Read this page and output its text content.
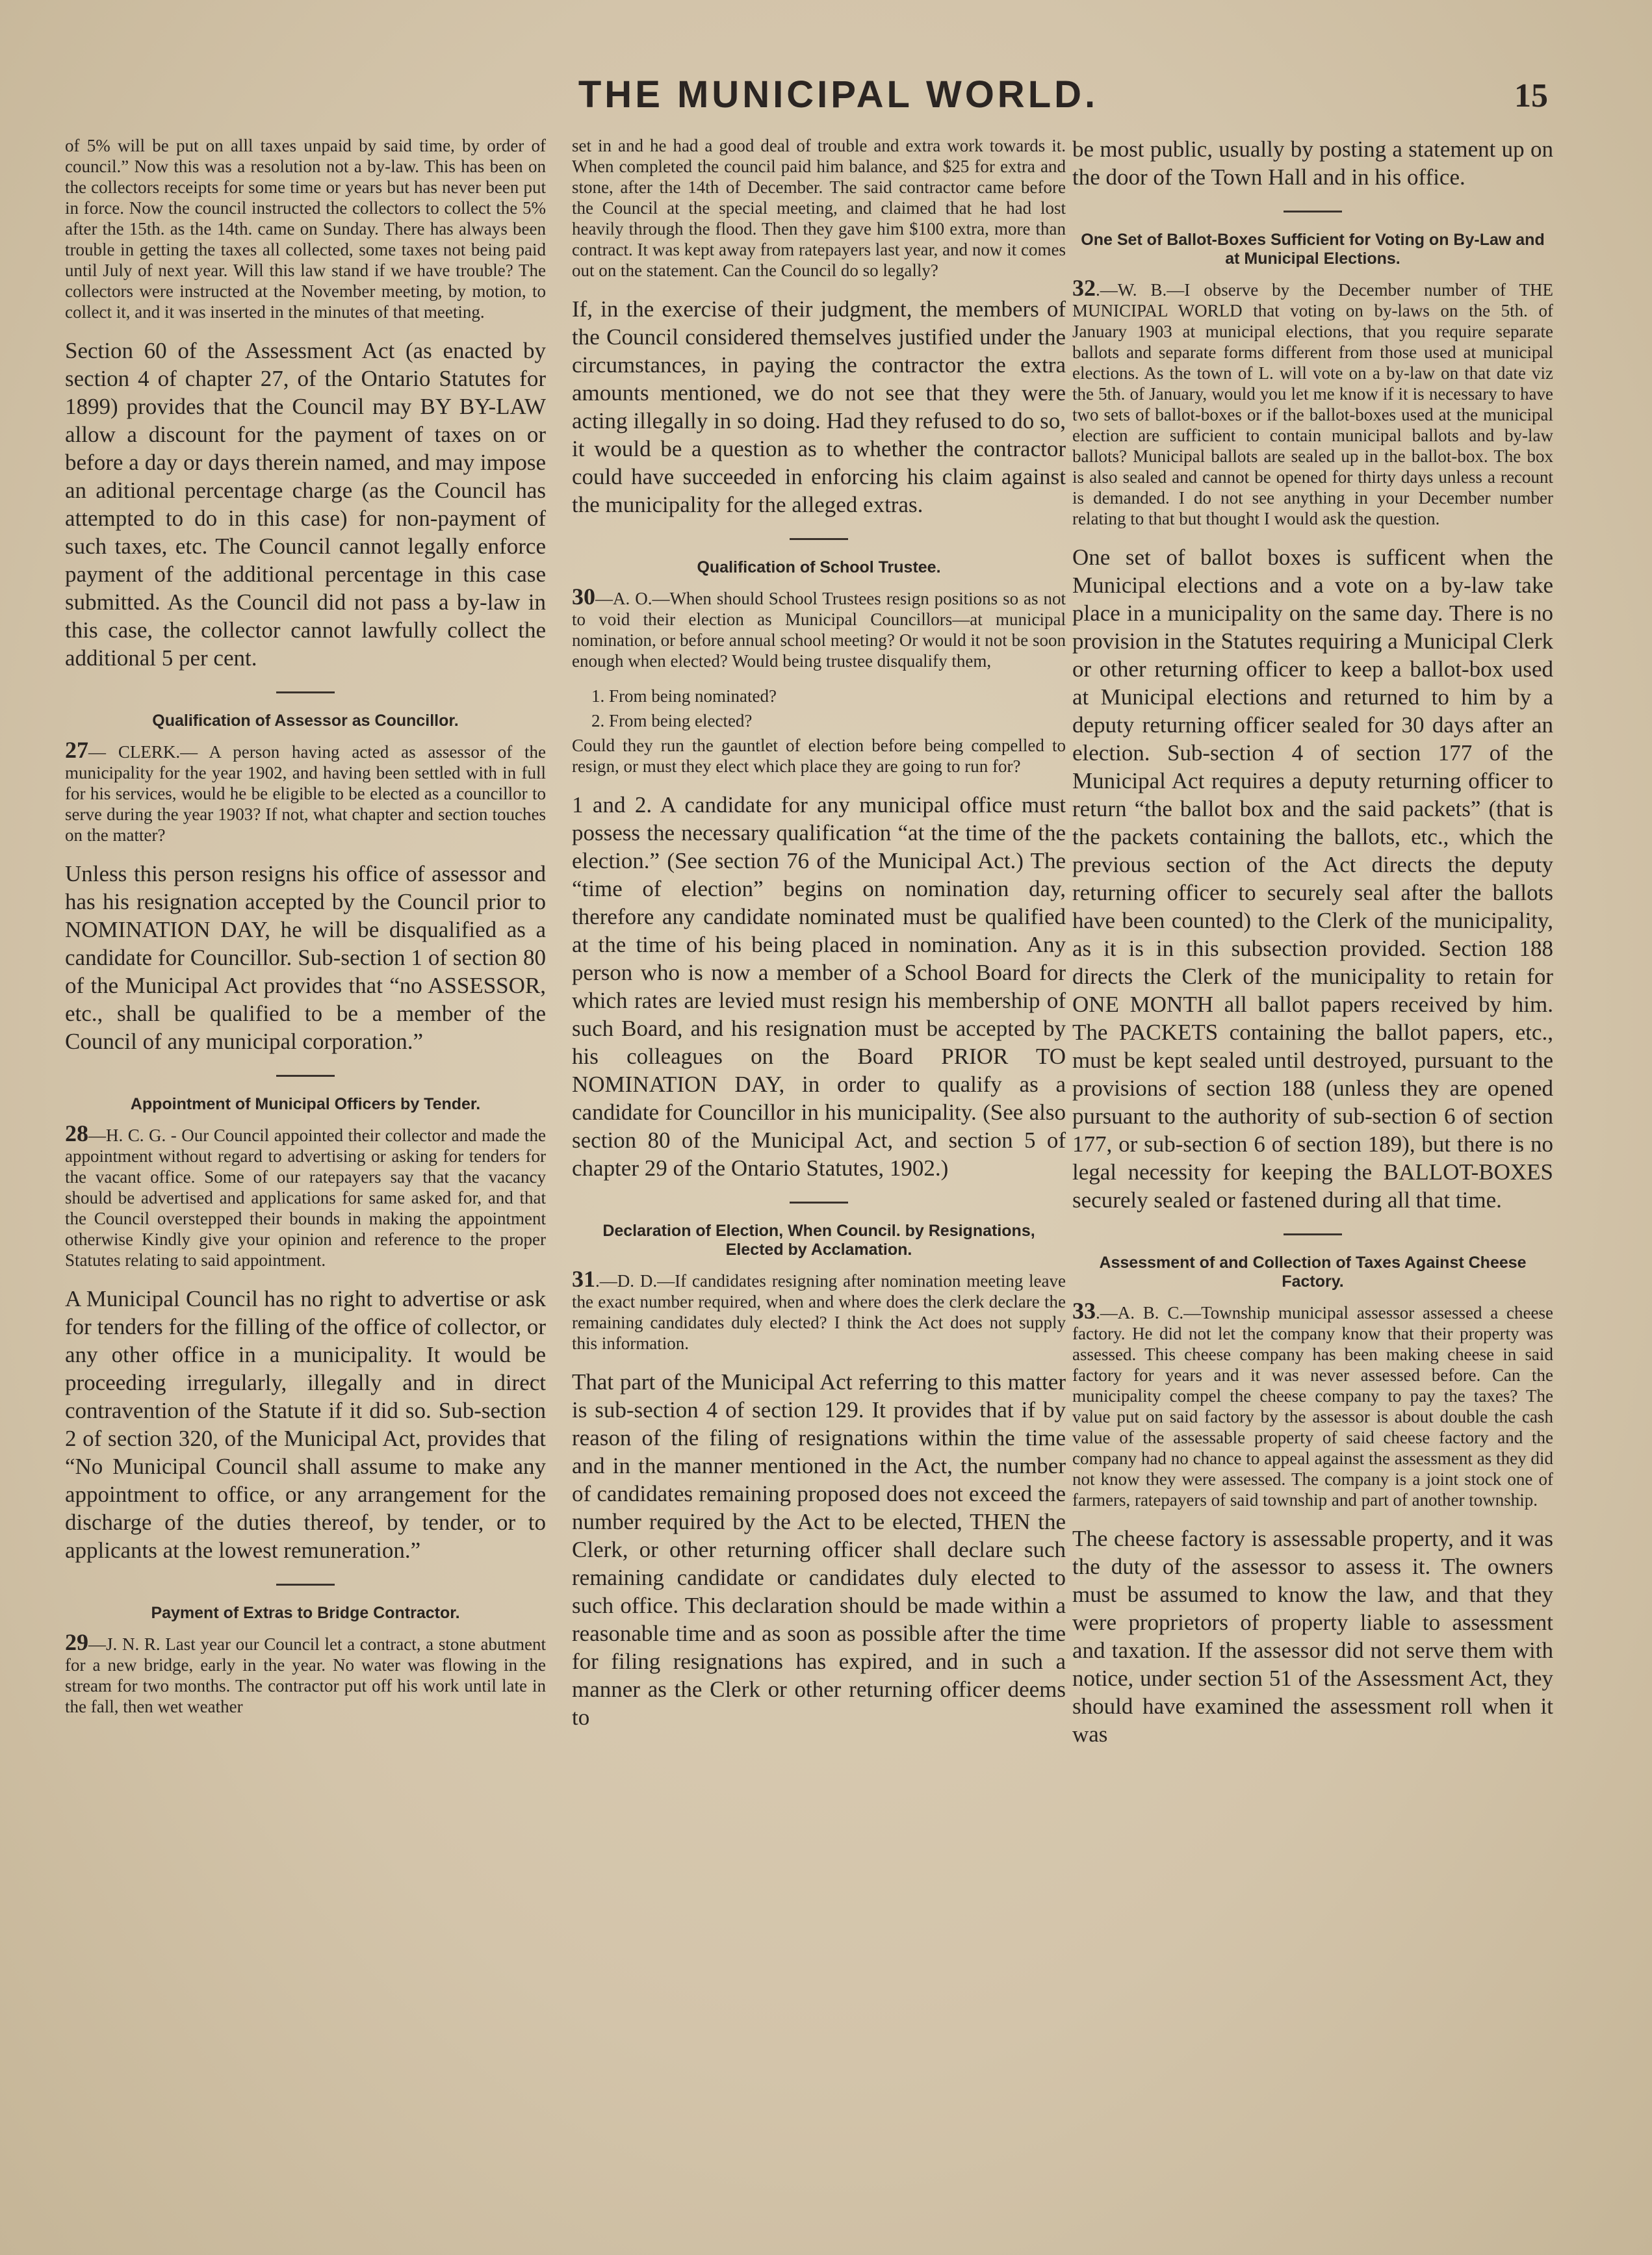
THE MUNICIPAL WORLD.	15

of 5% will be put on alll taxes unpaid by said time, by order of council.” Now this was a resolution not a by-law. This has been on the collectors receipts for some time or years but has never been put in force. Now the council instructed the collectors to collect the 5% after the 15th. as the 14th. came on Sunday. There has always been trouble in getting the taxes all collected, some taxes not being paid until July of next year. Will this law stand if we have trouble? The collectors were instructed at the November meeting, by motion, to collect it, and it was inserted in the minutes of that meeting.

Section 60 of the Assessment Act (as enacted by section 4 of chapter 27, of the Ontario Statutes for 1899) provides that the Council may BY BY-LAW allow a discount for the payment of taxes on or before a day or days therein named, and may impose an aditional percentage charge (as the Council has attempted to do in this case) for non-payment of such taxes, etc. The Council cannot legally enforce payment of the additional percentage in this case submitted. As the Council did not pass a by-law in this case, the collector cannot lawfully collect the additional 5 per cent.

Qualification of Assessor as Councillor.

27— CLERK.— A person having acted as assessor of the municipality for the year 1902, and having been settled with in full for his services, would he be eligible to be elected as a councillor to serve during the year 1903? If not, what chapter and section touches on the matter?

Unless this person resigns his office of assessor and has his resignation accepted by the Council prior to NOMINATION DAY, he will be disqualified as a candidate for Councillor. Sub-section 1 of section 80 of the Municipal Act provides that “no ASSESSOR, etc., shall be qualified to be a member of the Council of any municipal corporation.”

Appointment of Municipal Officers by Tender.

28—H. C. G. - Our Council appointed their collector and made the appointment without regard to advertising or asking for tenders for the vacant office. Some of our ratepayers say that the vacancy should be advertised and applications for same asked for, and that the Council overstepped their bounds in making the appointment otherwise Kindly give your opinion and reference to the proper Statutes relating to said appointment.

A Municipal Council has no right to advertise or ask for tenders for the filling of the office of collector, or any other office in a municipality. It would be proceeding irregularly, illegally and in direct contravention of the Statute if it did so. Sub-section 2 of section 320, of the Municipal Act, provides that “No Municipal Council shall assume to make any appointment to office, or any arrangement for the discharge of the duties thereof, by tender, or to applicants at the lowest remuneration.”

Payment of Extras to Bridge Contractor.

29—J. N. R. Last year our Council let a contract, a stone abutment for a new bridge, early in the year. No water was flowing in the stream for two months. The contractor put off his work until late in the fall, then wet weather

set in and he had a good deal of trouble and extra work towards it. When completed the council paid him balance, and $25 for extra and stone, after the 14th of December. The said contractor came before the Council at the special meeting, and claimed that he had lost heavily through the flood. Then they gave him $100 extra, more than contract. It was kept away from ratepayers last year, and now it comes out on the statement. Can the Council do so legally?

If, in the exercise of their judgment, the members of the Council considered themselves justified under the circumstances, in paying the contractor the extra amounts mentioned, we do not see that they were acting illegally in so doing. Had they refused to do so, it would be a question as to whether the contractor could have succeeded in enforcing his claim against the municipality for the alleged extras.

Qualification of School Trustee.

30—A. O.—When should School Trustees resign positions so as not to void their election as Municipal Councillors—at municipal nomination, or before annual school meeting? Or would it not be soon enough when elected? Would being trustee disqualify them,

1. From being nominated?
2. From being elected?

Could they run the gauntlet of election before being compelled to resign, or must they elect which place they are going to run for?

1 and 2. A candidate for any municipal office must possess the necessary qualification “at the time of the election.” (See section 76 of the Municipal Act.) The “time of election” begins on nomination day, therefore any candidate nominated must be qualified at the time of his being placed in nomination. Any person who is now a member of a School Board for which rates are levied must resign his membership of such Board, and his resignation must be accepted by his colleagues on the Board PRIOR TO NOMINATION DAY, in order to qualify as a candidate for Councillor in his municipality. (See also section 80 of the Municipal Act, and section 5 of chapter 29 of the Ontario Statutes, 1902.)

Declaration of Election, When Council. by Resignations, Elected by Acclamation.

31.—D. D.—If candidates resigning after nomination meeting leave the exact number required, when and where does the clerk declare the remaining candidates duly elected? I think the Act does not supply this information.

That part of the Municipal Act referring to this matter is sub-section 4 of section 129. It provides that if by reason of the filing of resignations within the time and in the manner mentioned in the Act, the number of candidates remaining proposed does not exceed the number required by the Act to be elected, THEN the Clerk, or other returning officer shall declare such remaining candidate or candidates duly elected to such office. This declaration should be made within a reasonable time and as soon as possible after the time for filing resignations has expired, and in such a manner as the Clerk or other returning officer deems to

be most public, usually by posting a statement up on the door of the Town Hall and in his office.

One Set of Ballot-Boxes Sufficient for Voting on By-Law and at Municipal Elections.

32.—W. B.—I observe by the December number of THE MUNICIPAL WORLD that voting on by-laws on the 5th. of January 1903 at municipal elections, that you require separate ballots and separate forms different from those used at municipal elections. As the town of L. will vote on a by-law on that date viz the 5th. of January, would you let me know if it is necessary to have two sets of ballot-boxes or if the ballot-boxes used at the municipal election are sufficient to contain municipal ballots and by-law ballots? Municipal ballots are sealed up in the ballot-box. The box is also sealed and cannot be opened for thirty days unless a recount is demanded. I do not see anything in your December number relating to that but thought I would ask the question.

One set of ballot boxes is sufficent when the Municipal elections and a vote on a by-law take place in a municipality on the same day. There is no provision in the Statutes requiring a Municipal Clerk or other returning officer to keep a ballot-box used at Municipal elections and returned to him by a deputy returning officer sealed for 30 days after an election. Sub-section 4 of section 177 of the Municipal Act requires a deputy returning officer to return “the ballot box and the said packets” (that is the packets containing the ballots, etc., which the previous section of the Act directs the deputy returning officer to securely seal after the ballots have been counted) to the Clerk of the municipality, as it is in this subsection provided. Section 188 directs the Clerk of the municipality to retain for ONE MONTH all ballot papers received by him. The PACKETS containing the ballot papers, etc., must be kept sealed until destroyed, pursuant to the provisions of section 188 (unless they are opened pursuant to the authority of sub-section 6 of section 177, or sub-section 6 of section 189), but there is no legal necessity for keeping the BALLOT-BOXES securely sealed or fastened during all that time.

Assessment of and Collection of Taxes Against Cheese Factory.

33.—A. B. C.—Township municipal assessor assessed a cheese factory. He did not let the company know that their property was assessed. This cheese company has been making cheese in said factory for years and it was never assessed before. Can the municipality compel the cheese company to pay the taxes? The value put on said factory by the assessor is about double the cash value of the assessable property of said cheese factory and the company had no chance to appeal against the assessment as they did not know they were assessed. The company is a joint stock one of farmers, ratepayers of said township and part of another township.

The cheese factory is assessable property, and it was the duty of the assessor to assess it. The owners must be assumed to know the law, and that they were proprietors of property liable to assessment and taxation. If the assessor did not serve them with notice, under section 51 of the Assessment Act, they should have examined the assessment roll when it was
